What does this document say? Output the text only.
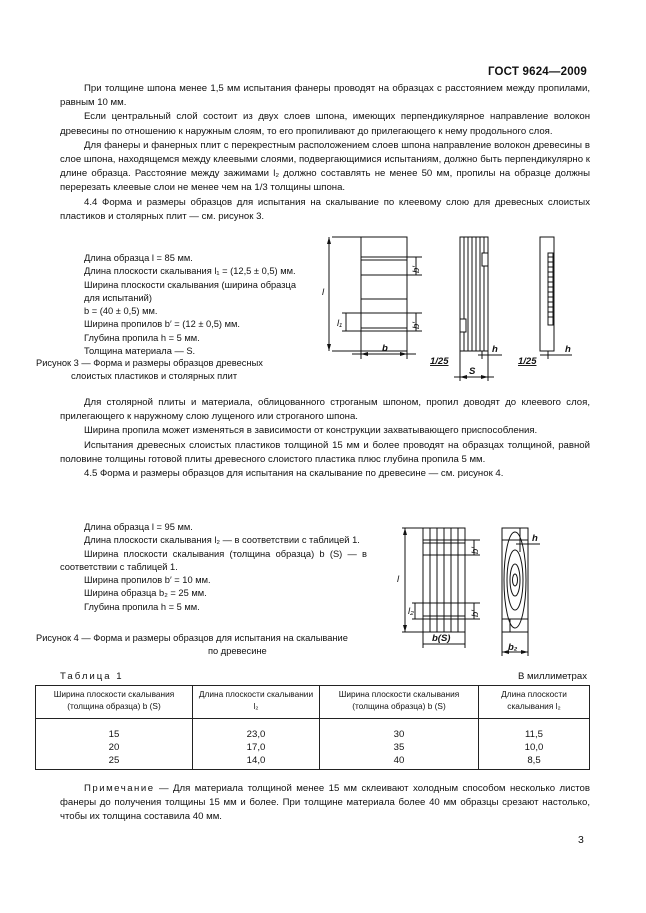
ГОСТ 9624—2009

При толщине шпона менее 1,5 мм испытания фанеры проводят на образцах с расстоянием между пропилами, равным 10 мм.

Если центральный слой состоит из двух слоев шпона, имеющих перпендикулярное направление волокон древесины по отношению к наружным слоям, то его пропиливают до прилегающего к нему продольного слоя.

Для фанеры и фанерных плит с перекрестным расположением слоев шпона направление волокон древесины в слое шпона, находящемся между клеевыми слоями, подвергающимися испытаниям, должно быть перпендикулярно к длине образца. Расстояние между зажимами l₂ должно составлять не менее 50 мм, пропилы на образце должны перерезать клеевые слои не менее чем на 1/3 толщины шпона.

4.4 Форма и размеры образцов для испытания на скалывание по клеевому слою для древесных слоистых пластиков и столярных плит — см. рисунок 3.

Длина образца l = 85 мм.
Длина плоскости скалывания l₁ = (12,5 ± 0,5) мм.
Ширина плоскости скалывания (ширина образца для испытаний)
b = (40 ± 0,5) мм.
Ширина пропилов b′ = (12 ± 0,5) мм.
Глубина пропила h = 5 мм.
Толщина материала — S.
Рисунок 3 — Форма и размеры образцов древесных
слоистых пластиков и столярных плит
l
l₁
b′
b′
b	h	h
S
1/25	1/25

Для столярной плиты и материала, облицованного строганым шпоном, пропил доводят до клеевого слоя, прилегающего к наружному слою лущеного или строганого шпона.

Ширина пропила может изменяться в зависимости от конструкции захватывающего приспособления.

Испытания древесных слоистых пластиков толщиной 15 мм и более проводят на образцах толщиной, равной половине толщины готовой плиты древесного слоистого пластика плюс глубина пропила 5 мм.

4.5 Форма и размеры образцов для испытания на скалывание по древесине — см. рисунок 4.

Длина образца l = 95 мм.
Длина плоскости скалывания l₂ — в соответствии с таблицей 1.
Ширина плоскости скалывания (толщина образца) b (S) — в соответствии с таблицей 1.
Ширина пропилов b′ = 10 мм.
Ширина образца b₂ = 25 мм.
Глубина пропила h = 5 мм.
Рисунок 4 — Форма и размеры образцов для испытания на скалывание
по древесине
l
l₂
b′
b′
b(S)
b₂
h
Таблица 1	В миллиметрах
Ширина плоскости скалывания (толщина образца) b (S)	Длина плоскости скалывании l₂	Ширина плоскости скалывания (толщина образца) b (S)	Длина плоскости скалывания l₂
15	23,0	30	11,5
20	17,0	35	10,0
25	14,0	40	8,5
Примечание — Для материала толщиной менее 15 мм склеивают холодным способом несколько листов фанеры до получения толщины 15 мм и более. При толщине материала более 40 мм образцы срезают настолько, чтобы их толщина составила 40 мм.
3
